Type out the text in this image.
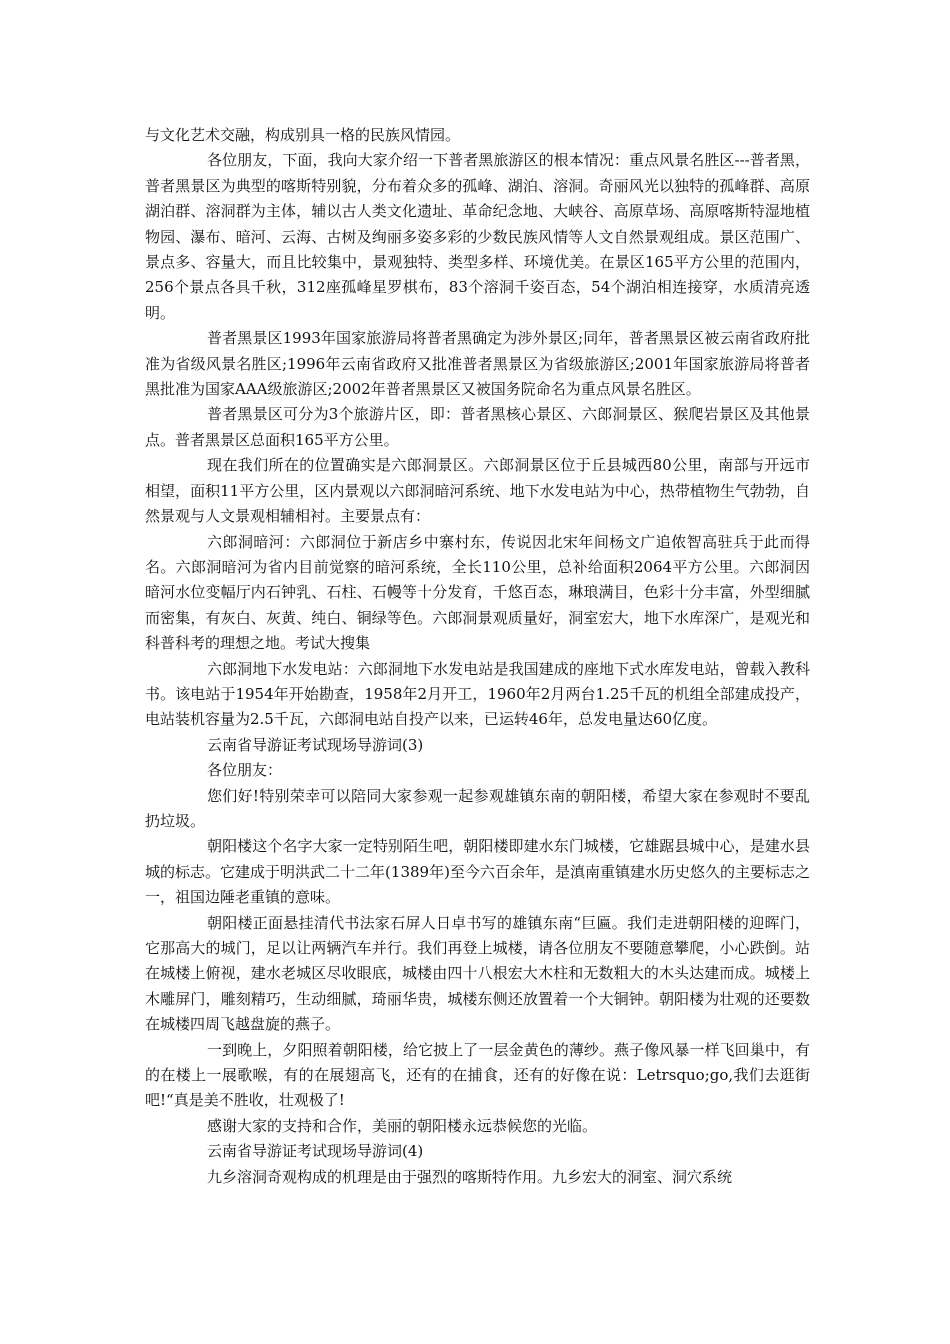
与文化艺术交融，构成别具一格的民族风情园。

各位朋友，下面，我向大家介绍一下普者黑旅游区的根本情况：重点风景名胜区---普者黑，普者黑景区为典型的喀斯特别貌，分布着众多的孤峰、湖泊、溶洞。奇丽风光以独特的孤峰群、高原湖泊群、溶洞群为主体，辅以古人类文化遗址、革命纪念地、大峡谷、高原草场、高原喀斯特湿地植物园、瀑布、暗河、云海、古树及绚丽多姿多彩的少数民族风情等人文自然景观组成。景区范围广、景点多、容量大，而且比较集中，景观独特、类型多样、环境优美。在景区165平方公里的范围内，256个景点各具千秋，312座孤峰星罗棋布，83个溶洞千姿百态，54个湖泊相连接穿，水质清亮透明。

普者黑景区1993年国家旅游局将普者黑确定为涉外景区;同年，普者黑景区被云南省政府批准为省级风景名胜区;1996年云南省政府又批准普者黑景区为省级旅游区;2001年国家旅游局将普者黑批准为国家AAA级旅游区;2002年普者黑景区又被国务院命名为重点风景名胜区。

普者黑景区可分为3个旅游片区，即：普者黑核心景区、六郎洞景区、猴爬岩景区及其他景点。普者黑景区总面积165平方公里。

现在我们所在的位置确实是六郎洞景区。六郎洞景区位于丘县城西80公里，南部与开远市相望，面积11平方公里，区内景观以六郎洞暗河系统、地下水发电站为中心，热带植物生气勃勃，自然景观与人文景观相辅相衬。主要景点有：

六郎洞暗河：六郎洞位于新店乡中寨村东，传说因北宋年间杨文广追侬智高驻兵于此而得名。六郎洞暗河为省内目前觉察的暗河系统，全长110公里，总补给面积2064平方公里。六郎洞因暗河水位变幅厅内石钟乳、石柱、石幔等十分发育，千悠百态，琳琅满目，色彩十分丰富，外型细腻而密集，有灰白、灰黄、纯白、铜绿等色。六郎洞景观质量好，洞室宏大，地下水库深广，是观光和科普科考的理想之地。考试大搜集

六郎洞地下水发电站：六郎洞地下水发电站是我国建成的座地下式水库发电站，曾载入教科书。该电站于1954年开始勘查，1958年2月开工，1960年2月两台1.25千瓦的机组全部建成投产，电站装机容量为2.5千瓦，六郎洞电站自投产以来，已运转46年，总发电量达60亿度。

云南省导游证考试现场导游词(3)

各位朋友：

您们好!特别荣幸可以陪同大家参观一起参观雄镇东南的朝阳楼，希望大家在参观时不要乱扔垃圾。

朝阳楼这个名字大家一定特别陌生吧，朝阳楼即建水东门城楼，它雄踞县城中心，是建水县城的标志。它建成于明洪武二十二年(1389年)至今六百余年，是滇南重镇建水历史悠久的主要标志之一，祖国边陲老重镇的意味。

朝阳楼正面悬挂清代书法家石屏人日卓书写的雄镇东南“巨匾。我们走进朝阳楼的迎晖门，它那高大的城门，足以让两辆汽车并行。我们再登上城楼，请各位朋友不要随意攀爬，小心跌倒。站在城楼上俯视，建水老城区尽收眼底，城楼由四十八根宏大木柱和无数粗大的木头达建而成。城楼上木雕屏门，雕刻精巧，生动细腻，琦丽华贵，城楼东侧还放置着一个大铜钟。朝阳楼为壮观的还要数在城楼四周飞越盘旋的燕子。

一到晚上，夕阳照着朝阳楼，给它披上了一层金黄色的薄纱。燕子像风暴一样飞回巢中，有的在楼上一展歌喉，有的在展翅高飞，还有的在捕食，还有的好像在说：Letrsquo;go,我们去逛街吧!“真是美不胜收，壮观极了!

感谢大家的支持和合作，美丽的朝阳楼永远恭候您的光临。

云南省导游证考试现场导游词(4)

九乡溶洞奇观构成的机理是由于强烈的喀斯特作用。九乡宏大的洞室、洞穴系统
